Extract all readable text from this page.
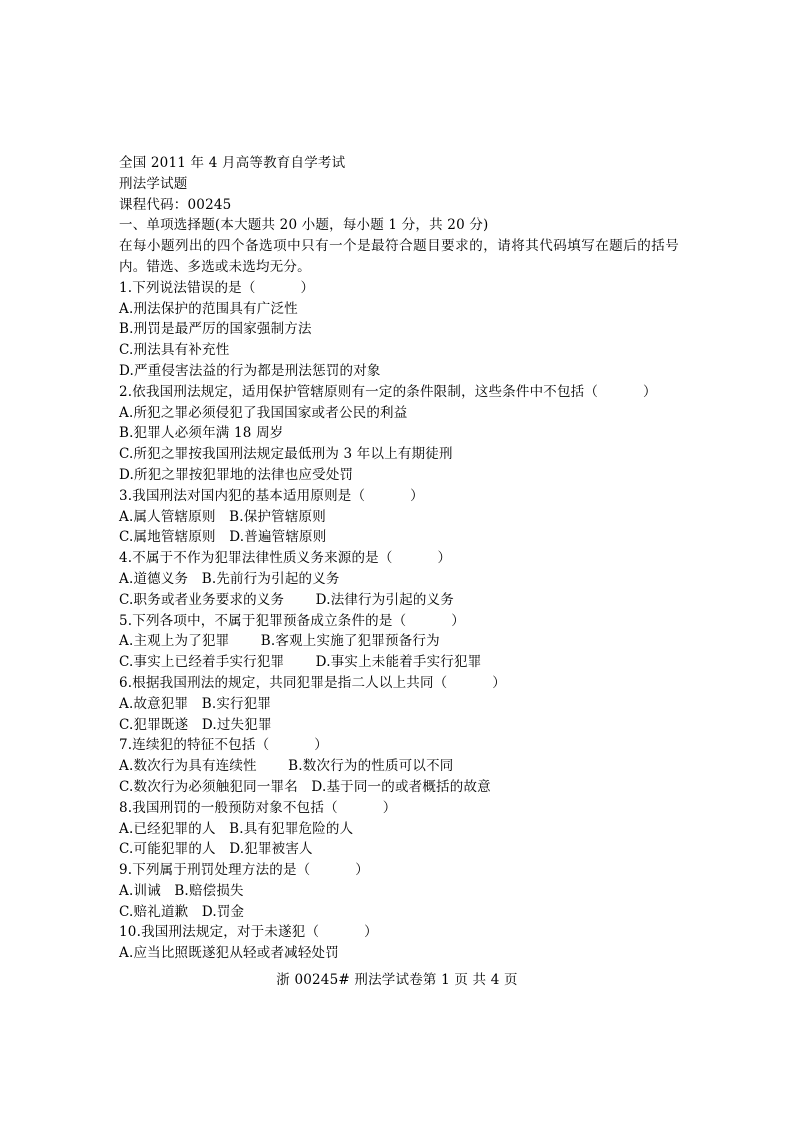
全国 2011 年 4 月高等教育自学考试
刑法学试题
课程代码：00245
一、单项选择题(本大题共 20 小题，每小题 1 分，共 20 分)
在每小题列出的四个备选项中只有一个是最符合题目要求的，请将其代码填写在题后的括号内。错选、多选或未选均无分。
1.下列说法错误的是（          ）
A.刑法保护的范围具有广泛性
B.刑罚是最严厉的国家强制方法
C.刑法具有补充性
D.严重侵害法益的行为都是刑法惩罚的对象
2.依我国刑法规定，适用保护管辖原则有一定的条件限制，这些条件中不包括（          ）
A.所犯之罪必须侵犯了我国国家或者公民的利益
B.犯罪人必须年满 18 周岁
C.所犯之罪按我国刑法规定最低刑为 3 年以上有期徒刑
D.所犯之罪按犯罪地的法律也应受处罚
3.我国刑法对国内犯的基本适用原则是（          ）
A.属人管辖原则   B.保护管辖原则
C.属地管辖原则   D.普遍管辖原则
4.不属于不作为犯罪法律性质义务来源的是（          ）
A.道德义务   B.先前行为引起的义务
C.职务或者业务要求的义务       D.法律行为引起的义务
5.下列各项中，不属于犯罪预备成立条件的是（          ）
A.主观上为了犯罪       B.客观上实施了犯罪预备行为
C.事实上已经着手实行犯罪       D.事实上未能着手实行犯罪
6.根据我国刑法的规定，共同犯罪是指二人以上共同（          ）
A.故意犯罪   B.实行犯罪
C.犯罪既遂   D.过失犯罪
7.连续犯的特征不包括（          ）
A.数次行为具有连续性       B.数次行为的性质可以不同
C.数次行为必须触犯同一罪名   D.基于同一的或者概括的故意
8.我国刑罚的一般预防对象不包括（          ）
A.已经犯罪的人   B.具有犯罪危险的人
C.可能犯罪的人   D.犯罪被害人
9.下列属于刑罚处理方法的是（          ）
A.训诫   B.赔偿损失
C.赔礼道歉   D.罚金
10.我国刑法规定，对于未遂犯（          ）
A.应当比照既遂犯从轻或者减轻处罚
浙 00245# 刑法学试卷第 1 页 共 4 页
